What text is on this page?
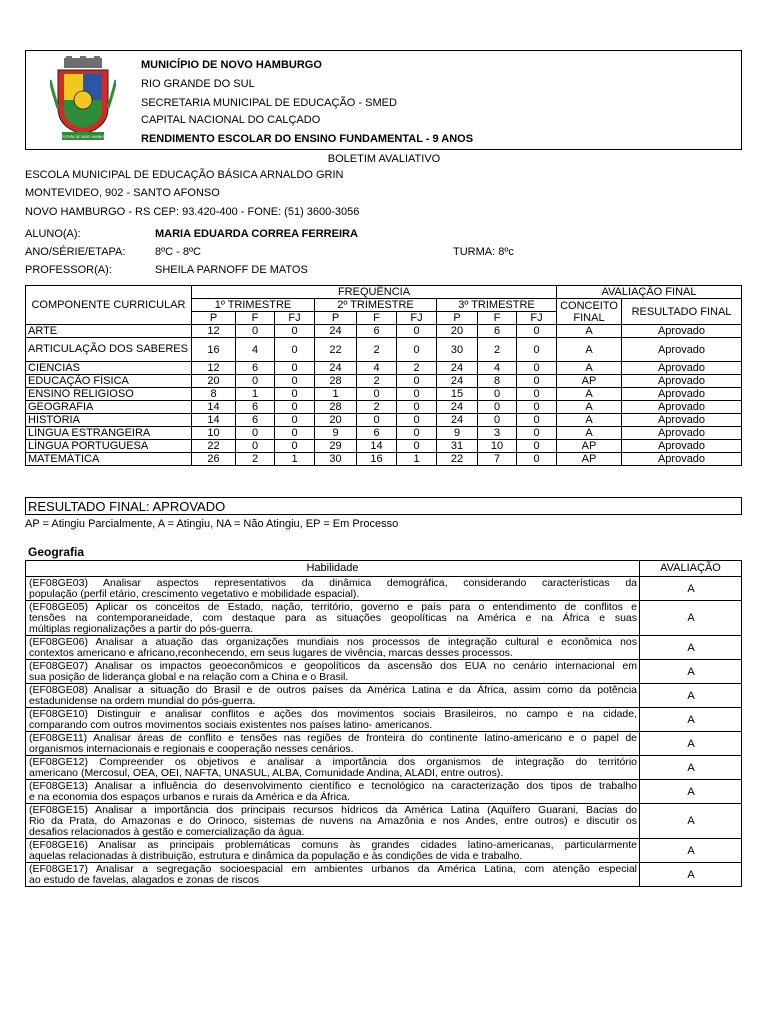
PREFEITURA DE NOVO HAMBURGO
MUNICÍPIO DE NOVO HAMBURGO
RIO GRANDE DO SUL
SECRETARIA MUNICIPAL DE EDUCAÇÃO - SMED
CAPITAL NACIONAL DO CALÇADO
RENDIMENTO ESCOLAR DO ENSINO FUNDAMENTAL - 9 ANOS
BOLETIM AVALIATIVO
ESCOLA MUNICIPAL DE EDUCAÇÃO BÁSICA ARNALDO GRIN
MONTEVIDEO, 902 - SANTO AFONSO
NOVO HAMBURGO - RS CEP: 93.420-400 - FONE: (51) 3600-3056
ALUNO(A):	MARIA EDUARDA CORREA FERREIRA
ANO/SÉRIE/ETAPA:	8ºC - 8ºC	TURMA: 8ºc
PROFESSOR(A):	SHEILA PARNOFF DE MATOS
COMPONENTE CURRICULAR	FREQUÊNCIA									AVALIAÇÃO FINAL	
	1º TRIMESTRE			2º TRIMESTRE			3º TRIMESTRE			CONCEITO FINAL	RESULTADO FINAL
	P	F	FJ	P	F	FJ	P	F	FJ		
ARTE	12	0	0	24	6	0	20	6	0	A	Aprovado
ARTICULAÇÃO DOS SABERES	16	4	0	22	2	0	30	2	0	A	Aprovado
CIENCIAS	12	6	0	24	4	2	24	4	0	A	Aprovado
EDUCAÇÃO FÍSICA	20	0	0	28	2	0	24	8	0	AP	Aprovado
ENSINO RELIGIOSO	8	1	0	1	0	0	15	0	0	A	Aprovado
GEOGRAFIA	14	6	0	28	2	0	24	0	0	A	Aprovado
HISTÓRIA	14	6	0	20	0	0	24	0	0	A	Aprovado
LÍNGUA ESTRANGEIRA	10	0	0	9	6	0	9	3	0	A	Aprovado
LÍNGUA PORTUGUESA	22	0	0	29	14	0	31	10	0	AP	Aprovado
MATEMÁTICA	26	2	1	30	16	1	22	7	0	AP	Aprovado
RESULTADO FINAL: APROVADO
AP = Atingiu Parcialmente, A = Atingiu, NA = Não Atingiu, EP = Em Processo
Geografia
Habilidade	AVALIAÇÃO

(EF08GE03) Analisar aspectos representativos da dinâmica demográfica, considerando características da
população (perfil etário, crescimento vegetativo e mobilidade espacial).	A

(EF08GE05) Aplicar os conceitos de Estado, nação, território, governo e país para o entendimento de conflitos e
tensões na contemporaneidade, com destaque para as situações geopolíticas na América e na África e suas
múltiplas regionalizações a partir do pós-guerra.	A

(EF08GE06) Analisar a atuação das organizações mundiais nos processos de integração cultural e econômica nos
contextos americano e africano,reconhecendo, em seus lugares de vivência, marcas desses processos.	A

(EF08GE07) Analisar os impactos geoeconômicos e geopolíticos da ascensão dos EUA no cenário internacional em
sua posição de liderança global e na relação com a China e o Brasil.	A

(EF08GE08) Analisar a situação do Brasil e de outros países da América Latina e da África, assim como da potência
estadunidense na ordem mundial do pós-guerra.	A

(EF08GE10) Distinguir e analisar conflitos e ações dos movimentos sociais Brasileiros, no campo e na cidade,
comparando com outros movimentos sociais existentes nos países latino- americanos.	A

(EF08GE11) Analisar áreas de conflito e tensões nas regiões de fronteira do continente latino-americano e o papel de
organismos internacionais e regionais e cooperação nesses cenários.	A

(EF08GE12) Compreender os objetivos e analisar a importância dos organismos de integração do território
americano (Mercosul, OEA, OEI, NAFTA, UNASUL, ALBA, Comunidade Andina, ALADI, entre outros).	A

(EF08GE13) Analisar a influência do desenvolvimento científico e tecnológico na caracterização dos tipos de trabalho
e na economia dos espaços urbanos e rurais da América e da África.	A

(EF08GE15) Analisar a importância dos principais recursos hídricos da América Latina (Aquífero Guarani, Bacias do
Rio da Prata, do Amazonas e do Orinoco, sistemas de nuvens na Amazônia e nos Andes, entre outros) e discutir os
desafios relacionados à gestão e comercialização da água.	A

(EF08GE16) Analisar as principais problemáticas comuns às grandes cidades latino-americanas, particularmente
aquelas relacionadas à distribuição, estrutura e dinâmica da população e às condições de vida e trabalho.	A

(EF08GE17) Analisar a segregação socioespacial em ambientes urbanos da América Latina, com atenção especial
ao estudo de favelas, alagados e zonas de riscos	A
